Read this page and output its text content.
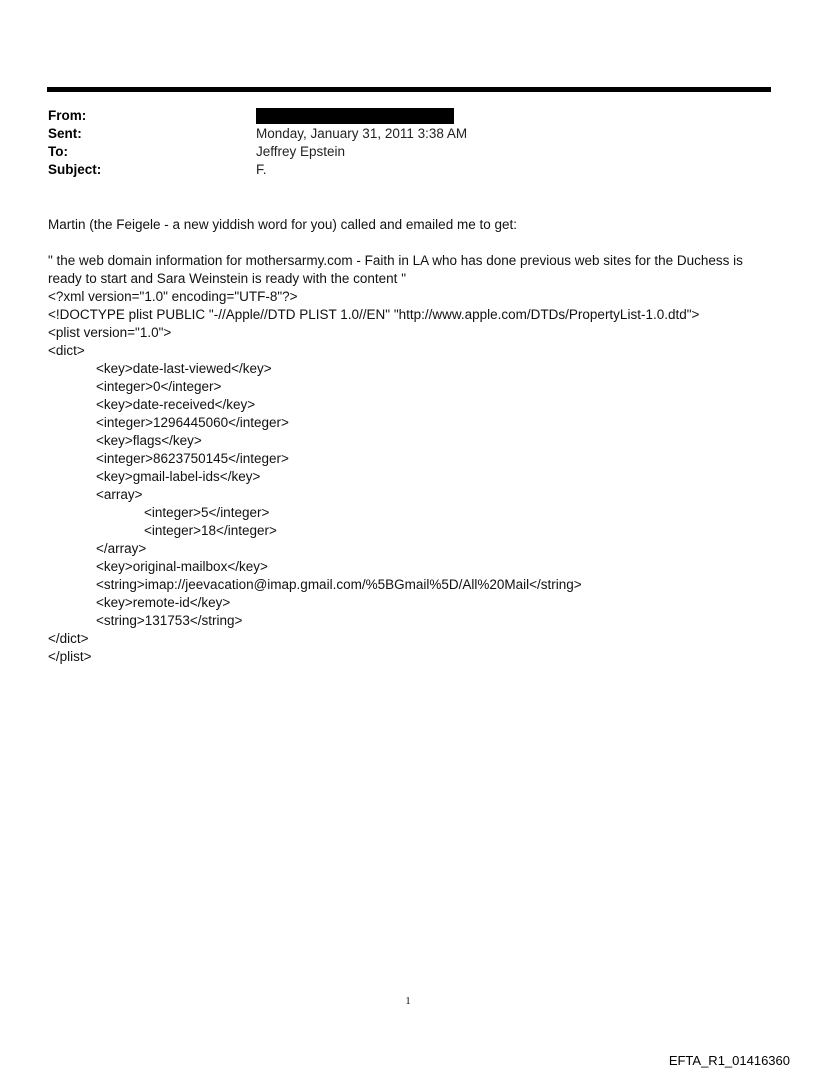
From:
Sent:	Monday, January 31, 2011 3:38 AM
To:	Jeffrey Epstein
Subject:	F.

Martin (the Feigele - a new yiddish word for you) called and emailed me to get:

" the web domain information for mothersarmy.com - Faith in LA who has done previous web sites for the Duchess is

ready to start and Sara Weinstein is ready with the content "

<?xml version="1.0" encoding="UTF-8"?>

<!DOCTYPE plist PUBLIC "-//Apple//DTD PLIST 1.0//EN" "http://www.apple.com/DTDs/PropertyList-1.0.dtd">

<plist version="1.0">

<dict>

<key>date-last-viewed</key>

<integer>0</integer>

<key>date-received</key>

<integer>1296445060</integer>

<key>flags</key>

<integer>8623750145</integer>

<key>gmail-label-ids</key>

<array>

<integer>5</integer>

<integer>18</integer>

</array>

<key>original-mailbox</key>

<string>imap://jeevacation@imap.gmail.com/%5BGmail%5D/All%20Mail</string>

<key>remote-id</key>

<string>131753</string>

</dict>

</plist>

1
EFTA_R1_01416360
